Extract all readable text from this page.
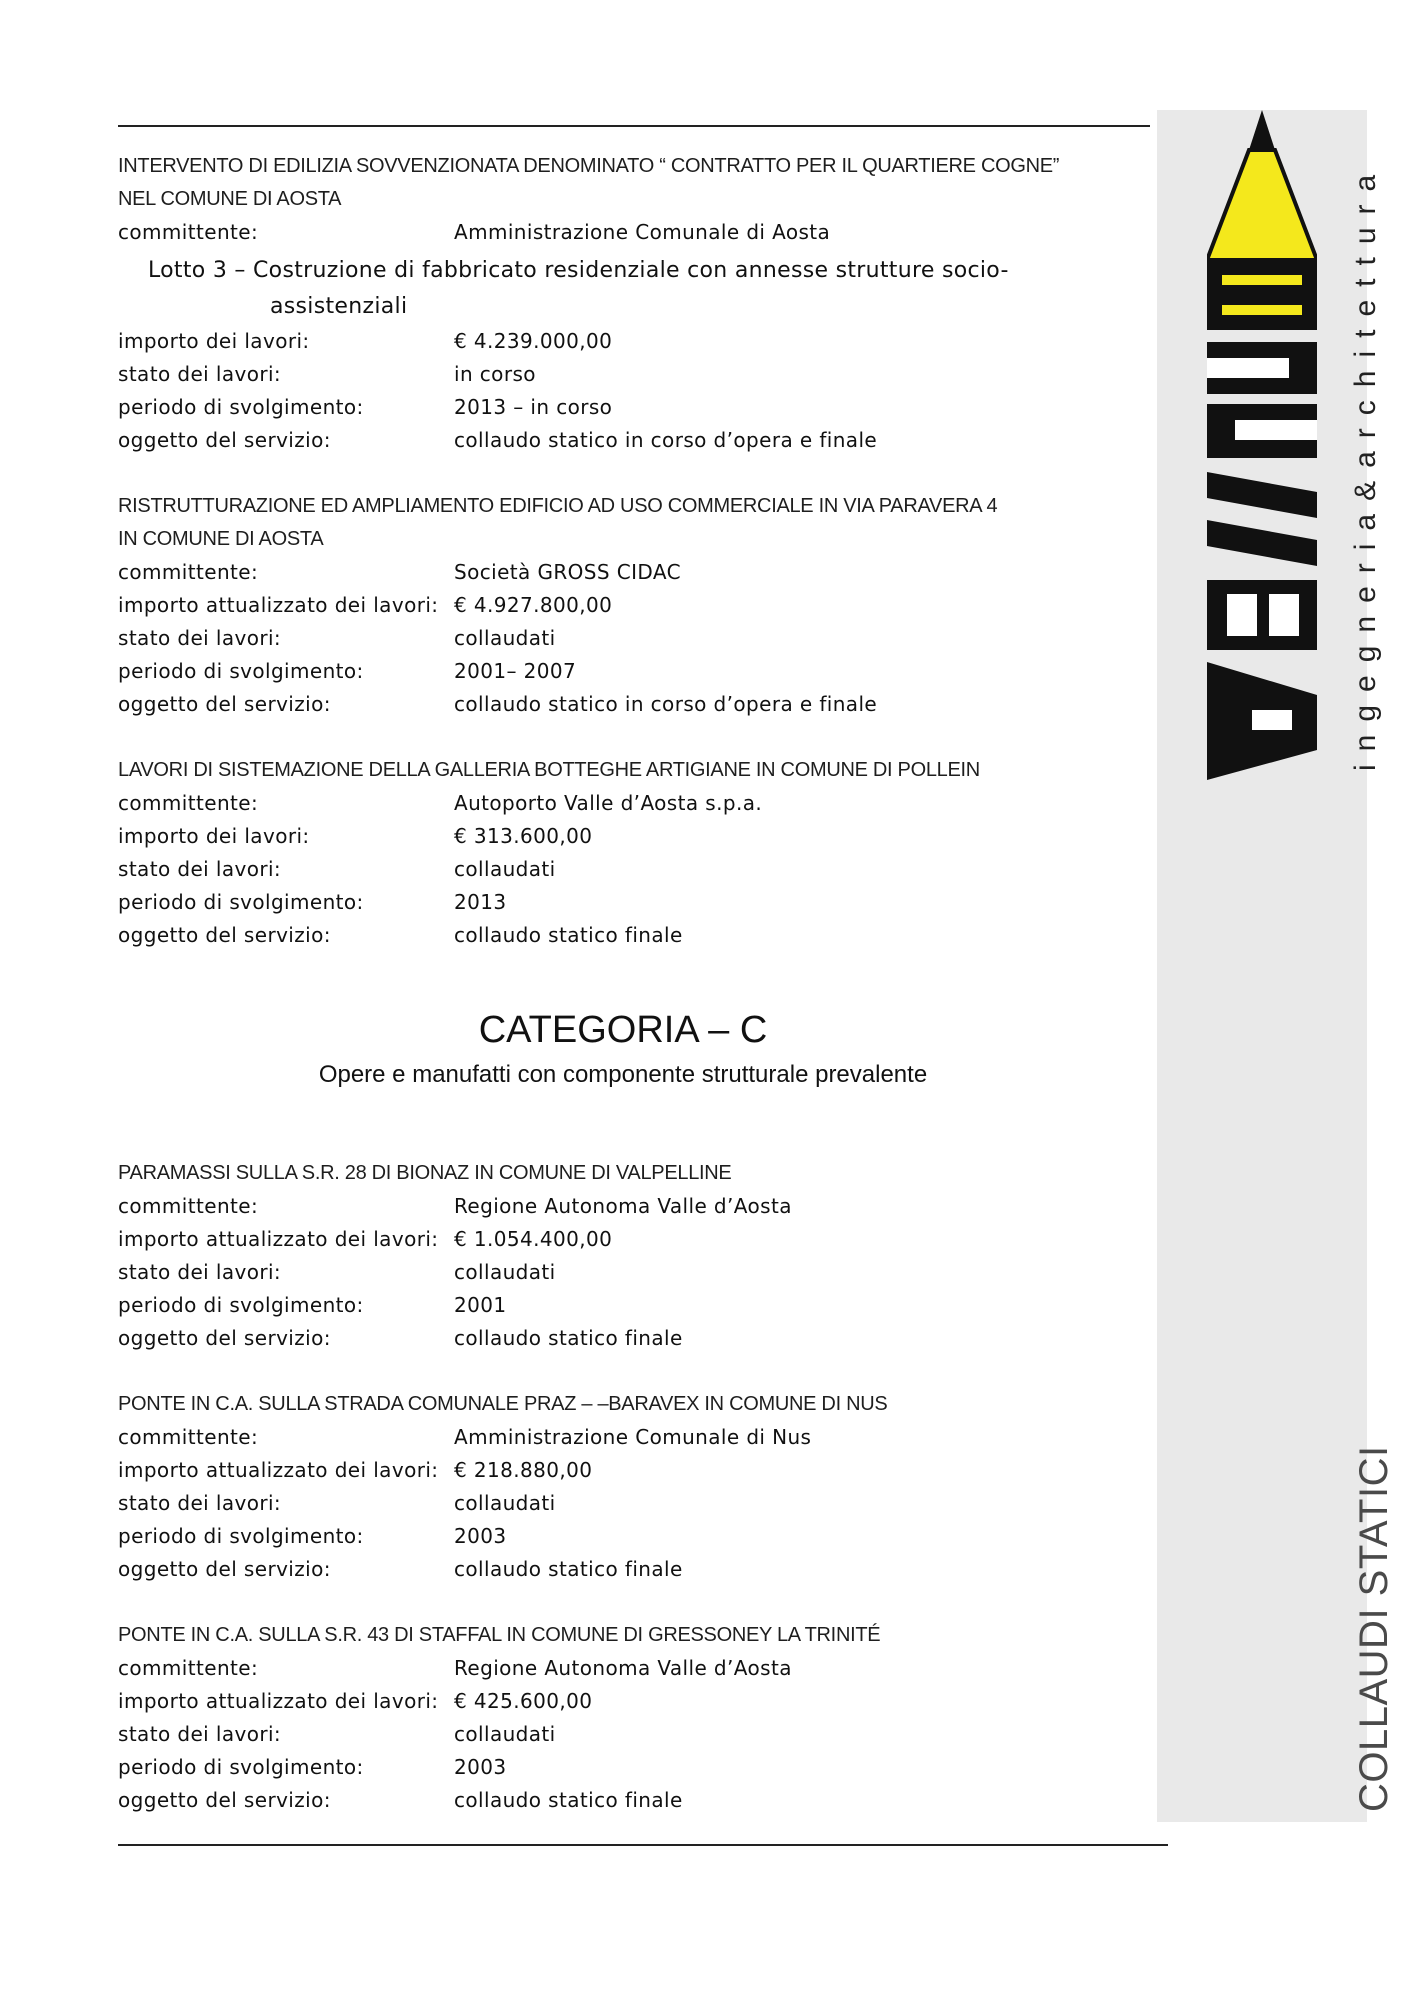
ingegneria&architettura
COLLAUDI STATICI
INTERVENTO DI EDILIZIA SOVVENZIONATA DENOMINATO “ CONTRATTO PER IL QUARTIERE COGNE”
NEL COMUNE DI AOSTA
committente:	Amministrazione Comunale di Aosta
Lotto 3 – Costruzione di fabbricato residenziale con annesse strutture socio-
assistenziali
importo dei lavori:	€ 4.239.000,00
stato dei lavori:	in corso
periodo di svolgimento:	2013 – in corso
oggetto del servizio:	collaudo statico in corso d’opera e finale
RISTRUTTURAZIONE ED AMPLIAMENTO EDIFICIO AD USO COMMERCIALE IN VIA PARAVERA 4
IN COMUNE DI AOSTA
committente:	Società GROSS CIDAC
importo attualizzato dei lavori: € 4.927.800,00
stato dei lavori:	collaudati
periodo di svolgimento:	2001– 2007
oggetto del servizio:	collaudo statico in corso d’opera e finale
LAVORI DI SISTEMAZIONE DELLA GALLERIA BOTTEGHE ARTIGIANE IN COMUNE DI POLLEIN
committente:	Autoporto Valle d’Aosta s.p.a.
importo dei lavori:	€ 313.600,00
stato dei lavori:	collaudati
periodo di svolgimento:	2013
oggetto del servizio:	collaudo statico finale
CATEGORIA – C
Opere e manufatti con componente strutturale prevalente
PARAMASSI SULLA S.R. 28 DI BIONAZ IN COMUNE DI VALPELLINE
committente:	Regione Autonoma Valle d’Aosta
importo attualizzato dei lavori: € 1.054.400,00
stato dei lavori:	collaudati
periodo di svolgimento:	2001
oggetto del servizio:	collaudo statico finale
PONTE IN C.A. SULLA STRADA COMUNALE PRAZ – –BARAVEX IN COMUNE DI NUS
committente:	Amministrazione Comunale di Nus
importo attualizzato dei lavori: € 218.880,00
stato dei lavori:	collaudati
periodo di svolgimento:	2003
oggetto del servizio:	collaudo statico finale
PONTE IN C.A. SULLA S.R. 43 DI STAFFAL IN COMUNE DI GRESSONEY LA TRINITÉ
committente:	Regione Autonoma Valle d’Aosta
importo attualizzato dei lavori: € 425.600,00
stato dei lavori:	collaudati
periodo di svolgimento:	2003
oggetto del servizio:	collaudo statico finale
